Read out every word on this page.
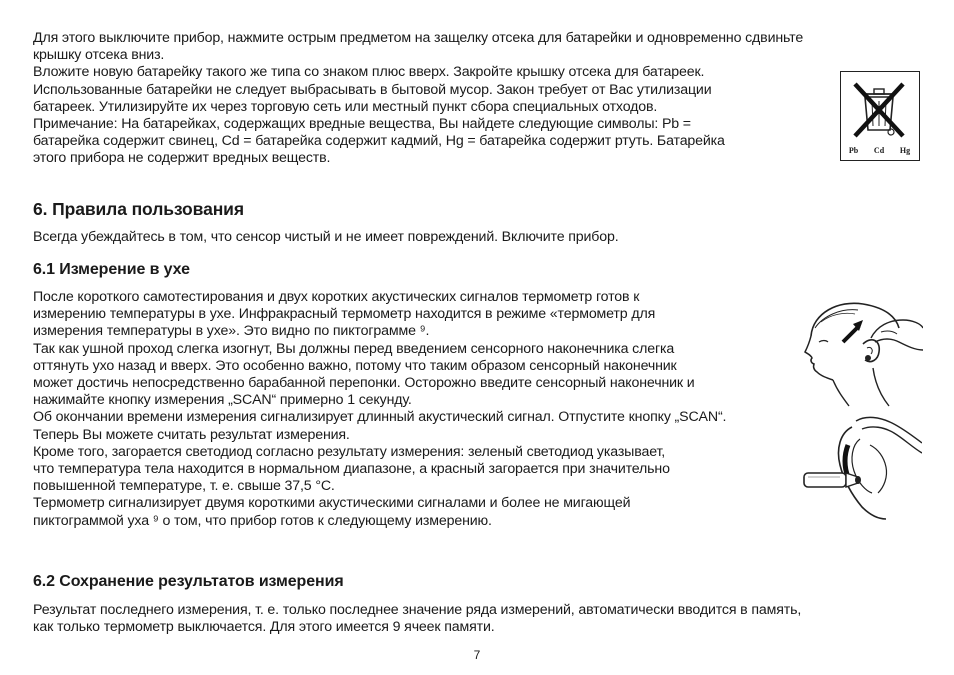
Для этого выключите прибор, нажмите острым предметом на защелку отсека для батарейки и одновременно сдвиньте
крышку отсека вниз.
Вложите новую батарейку такого же типа со знаком плюс вверх. Закройте крышку отсека для батареек.
Использованные батарейки не следует выбрасывать в бытовой мусор. Закон требует от Вас утилизации
батареек. Утилизируйте их через торговую сеть или местный пункт сбора специальных отходов.
Примечание: На батарейках, содержащих вредные вещества, Вы найдете следующие символы: Pb =
батарейка содержит свинец, Cd = батарейка содержит кадмий, Hg = батарейка содержит ртуть. Батарейка
этого прибора не содержит вредных веществ.	Pb Cd Hg
6. Правила пользования

Всегда убеждайтесь в том, что сенсор чистый и не имеет повреждений. Включите прибор.

6.1 Измерение в ухе

После короткого самотестирования и двух коротких акустических сигналов термометр готов к
измерению температуры в ухе. Инфракрасный термометр находится в режиме «термометр для
измерения температуры в ухе». Это видно по пиктограмме ⁹.
Так как ушной проход слегка изогнут, Вы должны перед введением сенсорного наконечника слегка
оттянуть ухо назад и вверх. Это особенно важно, потому что таким образом сенсорный наконечник
может достичь непосредственно барабанной перепонки. Осторожно введите сенсорный наконечник и
нажимайте кнопку измерения „SCAN“ примерно 1 секунду.
Об окончании времени измерения сигнализирует длинный акустический сигнал. Отпустите кнопку „SCAN“.
Теперь Вы можете считать результат измерения.
Кроме того, загорается светодиод согласно результату измерения: зеленый светодиод указывает,
что температура тела находится в нормальном диапазоне, а красный загорается при значительно
повышенной температуре, т. е. свыше 37,5 °C.
Термометр сигнализирует двумя короткими акустическими сигналами и более не мигающей
пиктограммой уха ⁹ о том, что прибор готов к следующему измерению.

6.2 Сохранение результатов измерения

Результат последнего измерения, т. е. только последнее значение ряда измерений, автоматически вводится в память,
как только термометр выключается. Для этого имеется 9 ячеек памяти.

7
